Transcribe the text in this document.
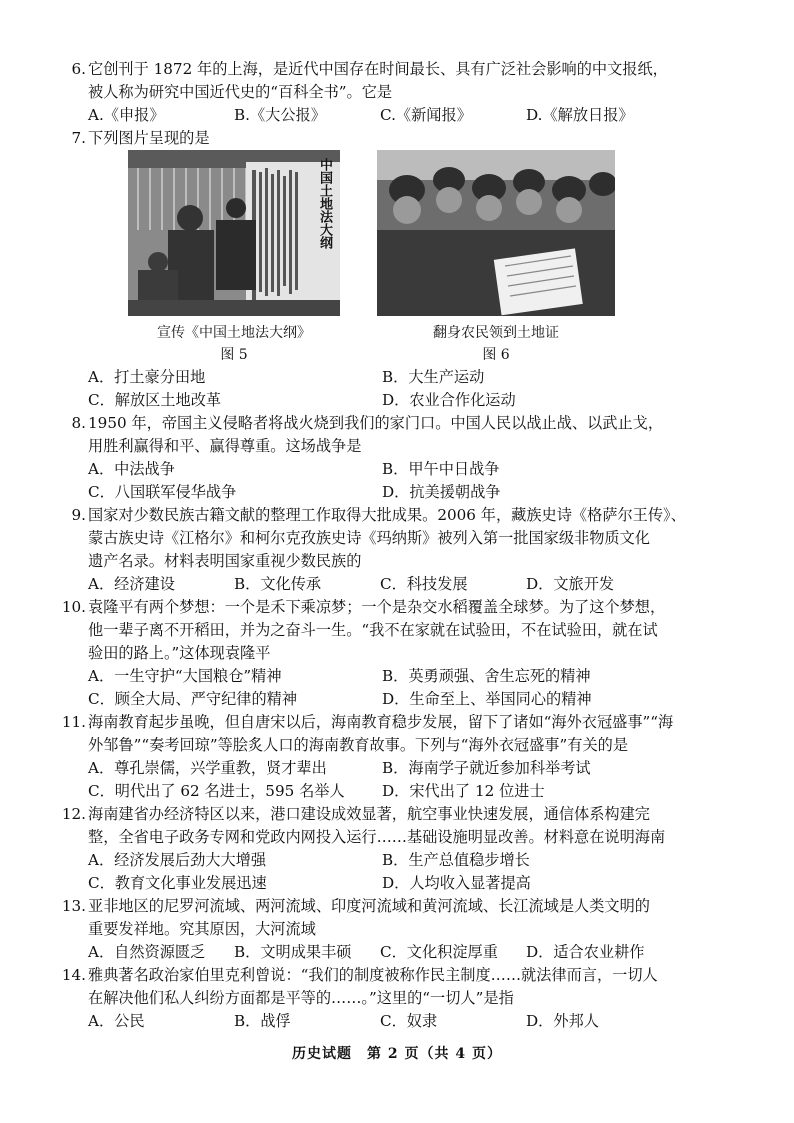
6. 它创刊于 1872 年的上海，是近代中国存在时间最长、具有广泛社会影响的中文报纸，
被人称为研究中国近代史的“百科全书”。它是
A.《申报》	B.《大公报》	C.《新闻报》	D.《解放日报》
7. 下列图片呈现的是
中国土地法大纲
宣传《中国土地法大纲》
图 5
翻身农民领到土地证
图 6
A．打土豪分田地	B．大生产运动
C．解放区土地改革	D．农业合作化运动
8. 1950 年，帝国主义侵略者将战火烧到我们的家门口。中国人民以战止战、以武止戈，
用胜利赢得和平、赢得尊重。这场战争是
A．中法战争	B．甲午中日战争
C．八国联军侵华战争	D．抗美援朝战争
9. 国家对少数民族古籍文献的整理工作取得大批成果。2006 年，藏族史诗《格萨尔王传》、
蒙古族史诗《江格尔》和柯尔克孜族史诗《玛纳斯》被列入第一批国家级非物质文化
遗产名录。材料表明国家重视少数民族的
A．经济建设	B．文化传承	C．科技发展	D．文旅开发
10. 袁隆平有两个梦想：一个是禾下乘凉梦；一个是杂交水稻覆盖全球梦。为了这个梦想，
他一辈子离不开稻田，并为之奋斗一生。“我不在家就在试验田，不在试验田，就在试
验田的路上。”这体现袁隆平
A．一生守护“大国粮仓”精神	B．英勇顽强、舍生忘死的精神
C．顾全大局、严守纪律的精神	D．生命至上、举国同心的精神
11. 海南教育起步虽晚，但自唐宋以后，海南教育稳步发展，留下了诸如“海外衣冠盛事”“海
外邹鲁”“奏考回琼”等脍炙人口的海南教育故事。下列与“海外衣冠盛事”有关的是
A．尊孔崇儒，兴学重教，贤才辈出	B．海南学子就近参加科举考试
C．明代出了 62 名进士，595 名举人	D．宋代出了 12 位进士
12. 海南建省办经济特区以来，港口建设成效显著，航空事业快速发展，通信体系构建完
整，全省电子政务专网和党政内网投入运行……基础设施明显改善。材料意在说明海南
A．经济发展后劲大大增强	B．生产总值稳步增长
C．教育文化事业发展迅速	D．人均收入显著提高
13. 亚非地区的尼罗河流域、两河流域、印度河流域和黄河流域、长江流域是人类文明的
重要发祥地。究其原因，大河流域
A．自然资源匮乏	B．文明成果丰硕	C．文化积淀厚重	D．适合农业耕作
14. 雅典著名政治家伯里克利曾说：“我们的制度被称作民主制度……就法律而言，一切人
在解决他们私人纠纷方面都是平等的……。”这里的“一切人”是指
A．公民	B．战俘	C．奴隶	D．外邦人
历史试题　第 2 页（共 4 页）
